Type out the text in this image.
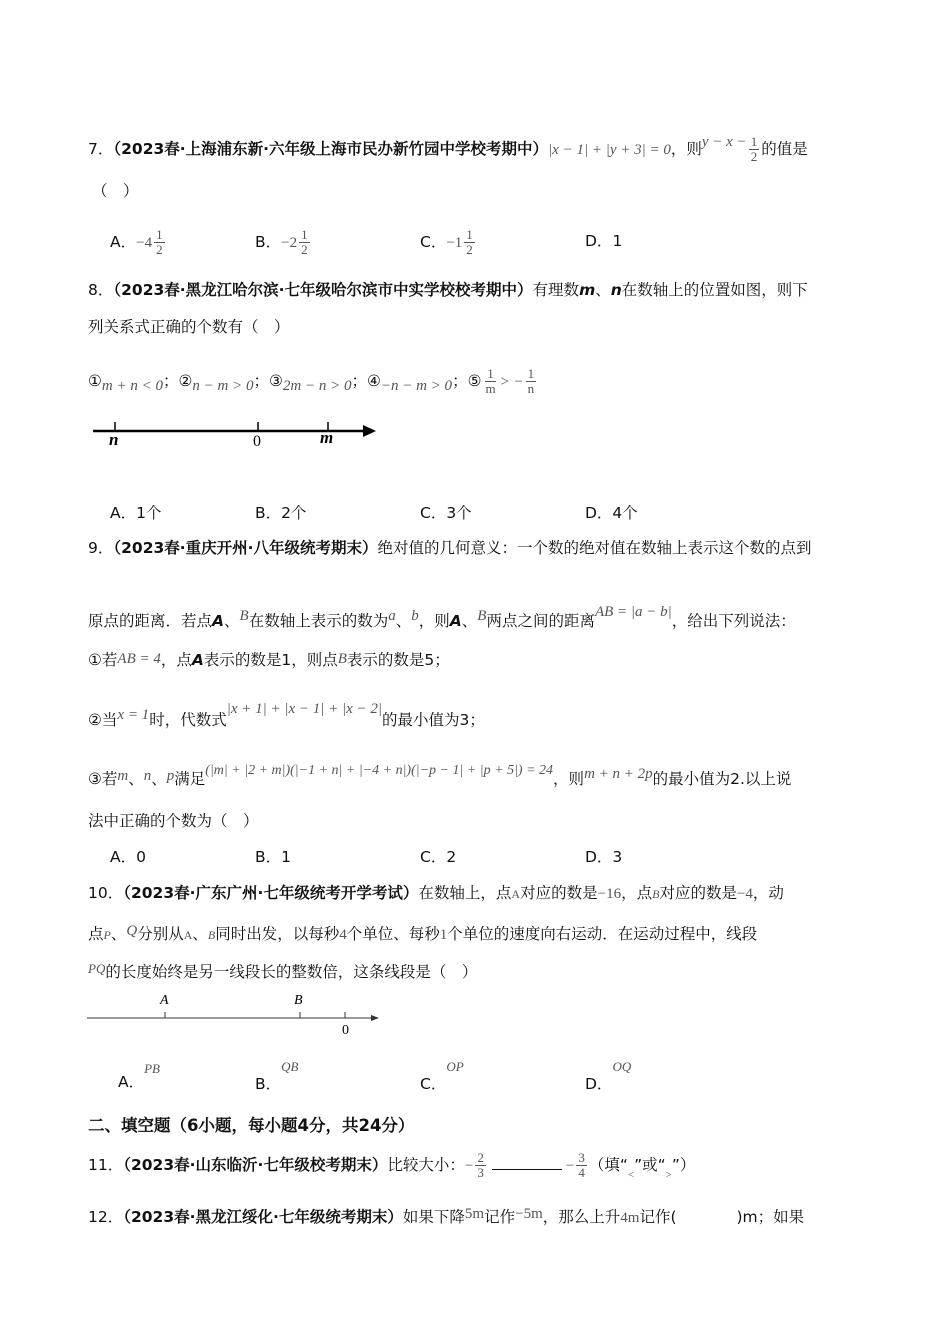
7．（2023春·上海浦东新·六年级上海市民办新竹园中学校考期中）|x − 1| + |y + 3| = 0，则$y - x - \frac{1}{2}$ 的值是
（　）
A．$-4 \frac{1}{2}$	B．$-2 \frac{1}{2}$	C．$-1 \frac{1}{2}$	D．1
8．（2023春·黑龙江哈尔滨·七年级哈尔滨市中实学校校考期中）有理数m、n在数轴上的位置如图，则下
列关系式正确的个数有（　）
①m + n < 0；②n − m > 0；③2m − n > 0；④−n − m > 0；⑤ $\frac{1}{m}$ > − $\frac{1}{n}$
n	0	m
A．1个	B．2个	C．3个	D．4个
9．（2023春·重庆开州·八年级统考期末）绝对值的几何意义：一个数的绝对值在数轴上表示这个数的点到
原点的距离．若点A、B在数轴上表示的数为a、b，则A、B两点之间的距离AB = |a − b|，给出下列说法：
①若AB = 4，点A表示的数是1，则点B表示的数是5；
②当x = 1时，代数式|x + 1| + |x − 1| + |x − 2|的最小值为3；
③若m、n、p满足(|m| + |2 + m|)(|−1 + n| + |−4 + n|)(|−p − 1| + |p + 5|) = 24，则m + n + 2p的最小值为2.以上说
法中正确的个数为（　）
A．0	B．1	C．2	D．3
10．（2023春·广东广州·七年级统考开学考试）在数轴上，点A对应的数是−16，点B对应的数是−4，动
点P、Q分别从A、B同时出发，以每秒4个单位、每秒1个单位的速度向右运动．在运动过程中，线段
$^{PQ}$的长度始终是另一线段长的整数倍，这条线段是（　）
A	B
0
A．PB
B．$^{QB}$
C．$^{OP}$
D．$^{OQ}$
二、填空题（6小题，每小题4分，共24分）
11．（2023春·山东临沂·七年级校考期末）比较大小：− $\frac{2}{3}$	− $\frac{3}{4}$ （填“$_<$”或“$_>$”）
12．（2023春·黑龙江绥化·七年级统考期末）如果下降5m记作−5m，那么上升4m记作(	)m；如果
